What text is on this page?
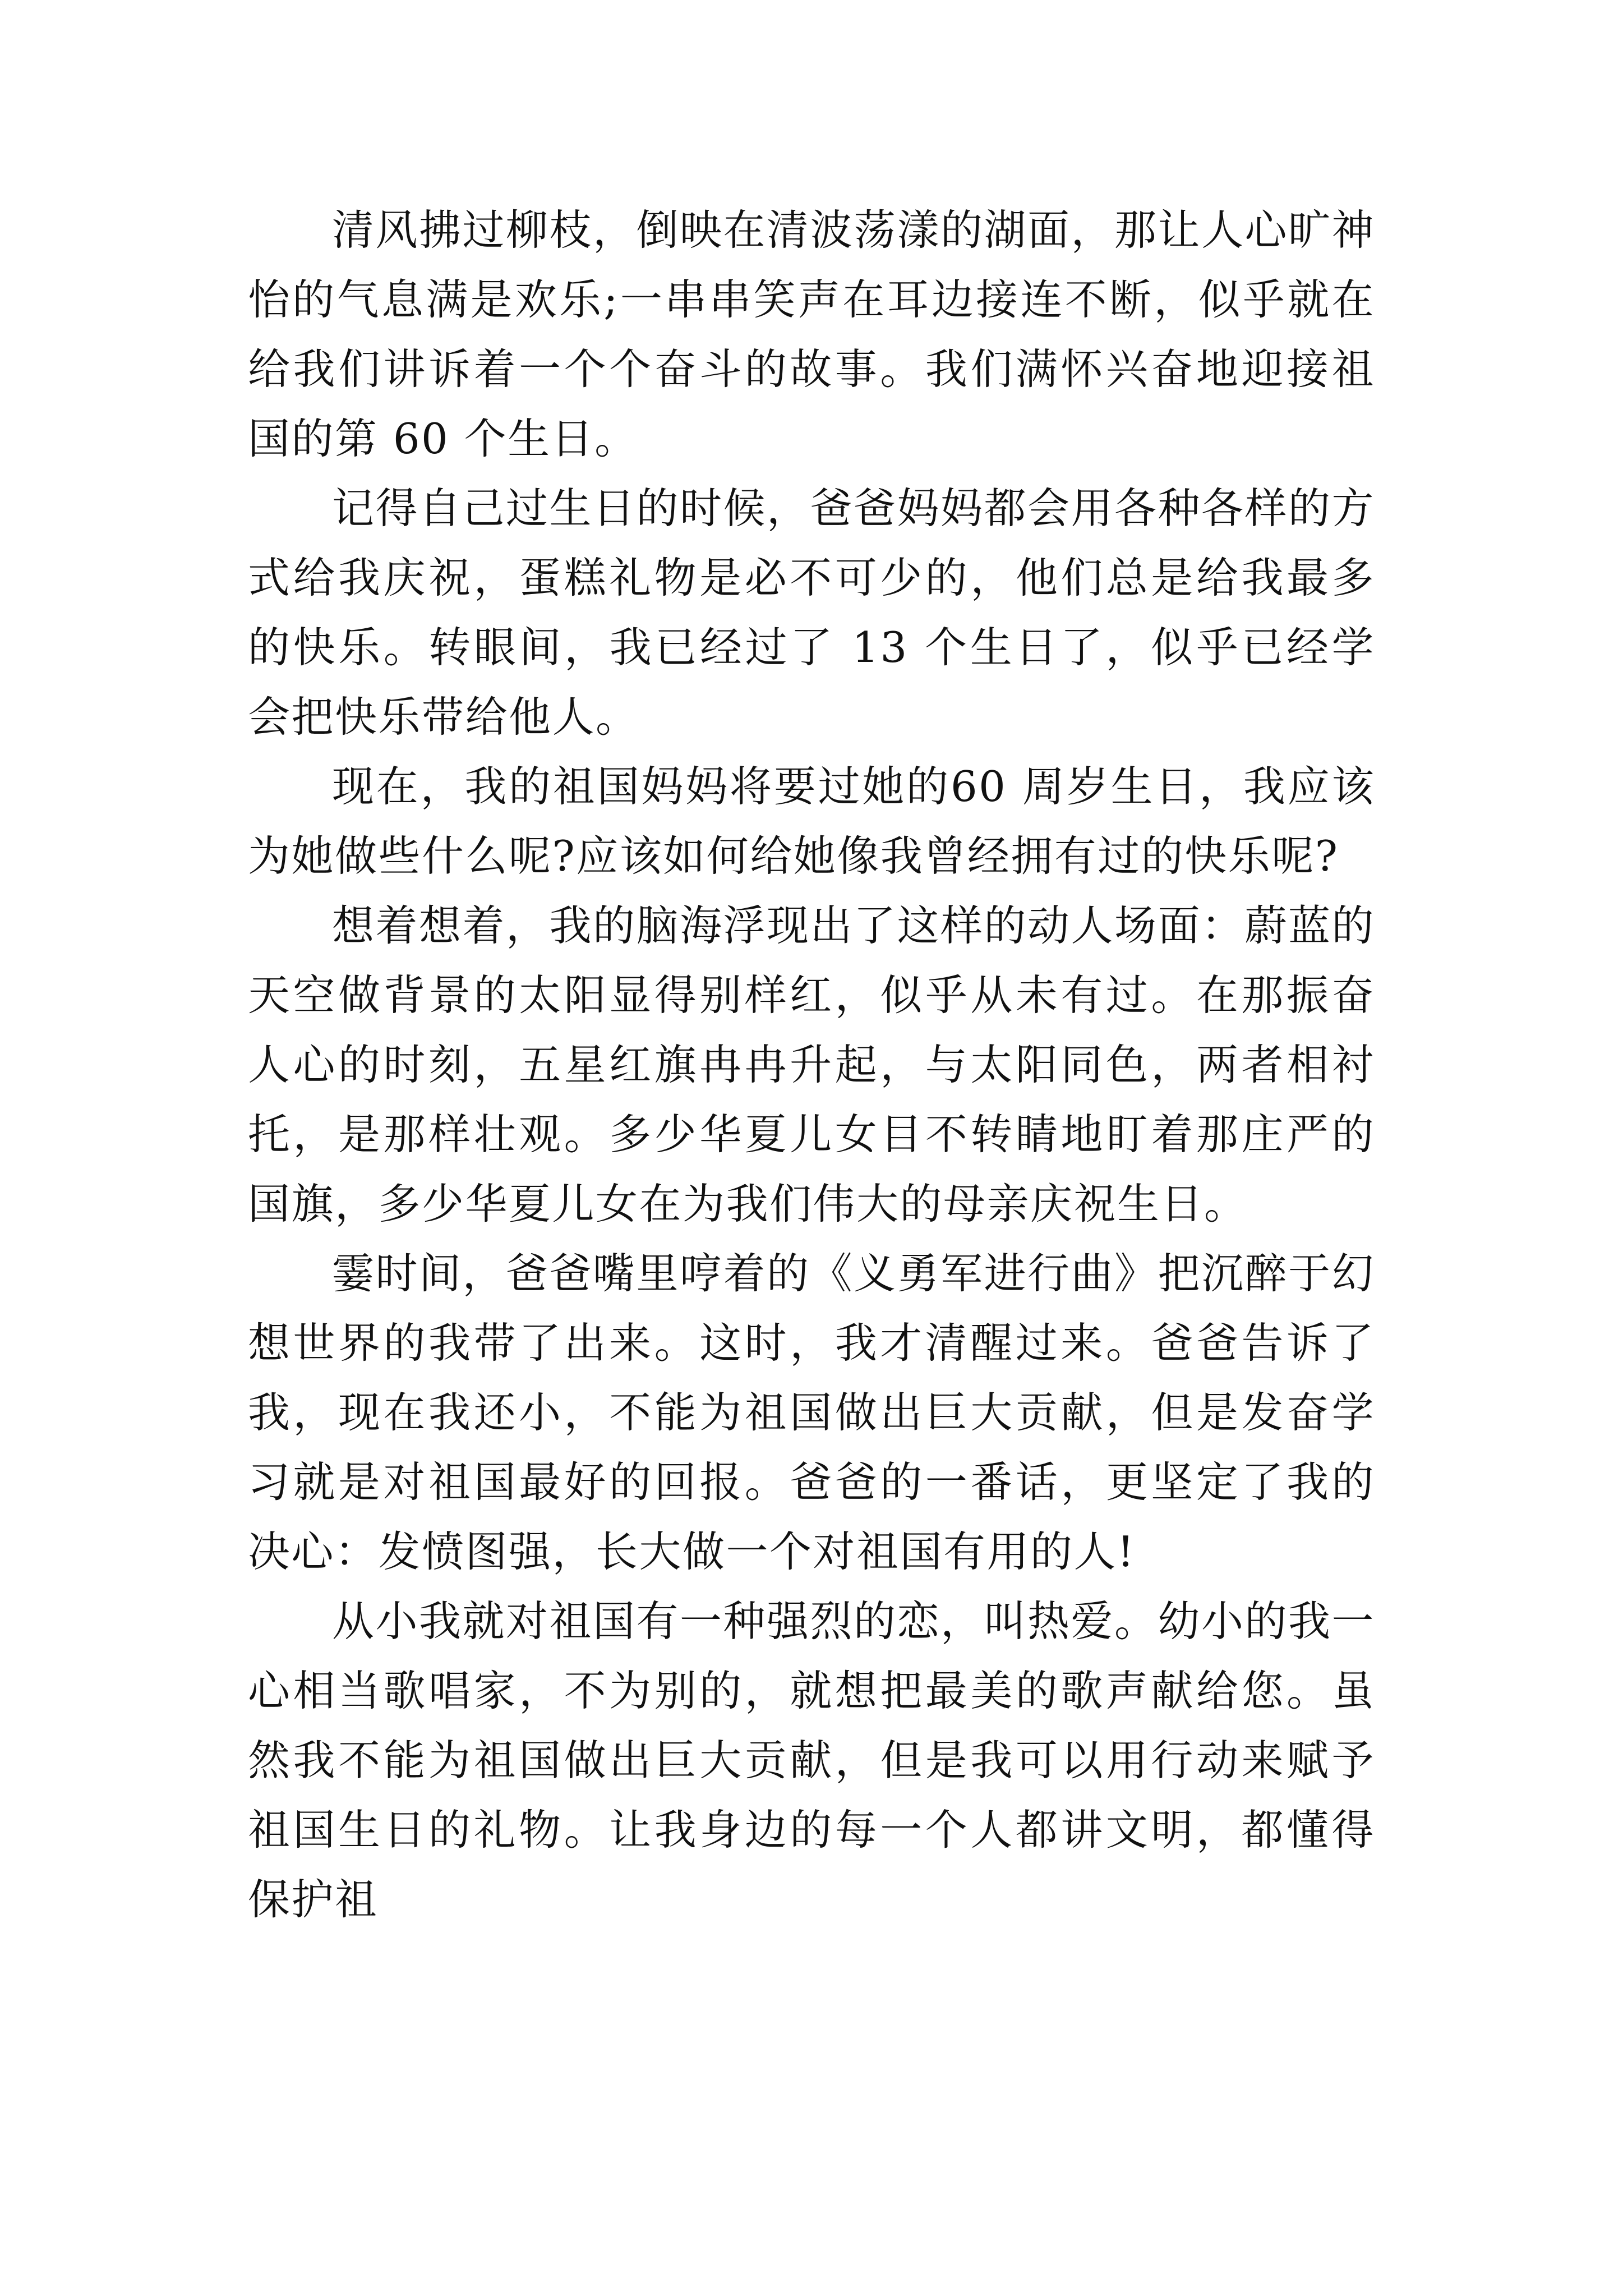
清风拂过柳枝，倒映在清波荡漾的湖面，那让人心旷神怡的气息满是欢乐;一串串笑声在耳边接连不断，似乎就在给我们讲诉着一个个奋斗的故事。我们满怀兴奋地迎接祖国的第 60 个生日。

记得自己过生日的时候，爸爸妈妈都会用各种各样的方式给我庆祝，蛋糕礼物是必不可少的，他们总是给我最多的快乐。转眼间，我已经过了 13 个生日了，似乎已经学会把快乐带给他人。

现在，我的祖国妈妈将要过她的60 周岁生日，我应该为她做些什么呢?应该如何给她像我曾经拥有过的快乐呢?

想着想着，我的脑海浮现出了这样的动人场面：蔚蓝的天空做背景的太阳显得别样红，似乎从未有过。在那振奋人心的时刻，五星红旗冉冉升起，与太阳同色，两者相衬托，是那样壮观。多少华夏儿女目不转睛地盯着那庄严的国旗，多少华夏儿女在为我们伟大的母亲庆祝生日。

霎时间，爸爸嘴里哼着的《义勇军进行曲》把沉醉于幻想世界的我带了出来。这时，我才清醒过来。爸爸告诉了我，现在我还小，不能为祖国做出巨大贡献，但是发奋学习就是对祖国最好的回报。爸爸的一番话，更坚定了我的决心：发愤图强，长大做一个对祖国有用的人!

从小我就对祖国有一种强烈的恋，叫热爱。幼小的我一心相当歌唱家，不为别的，就想把最美的歌声献给您。虽然我不能为祖国做出巨大贡献，但是我可以用行动来赋予祖国生日的礼物。让我身边的每一个人都讲文明，都懂得保护祖
